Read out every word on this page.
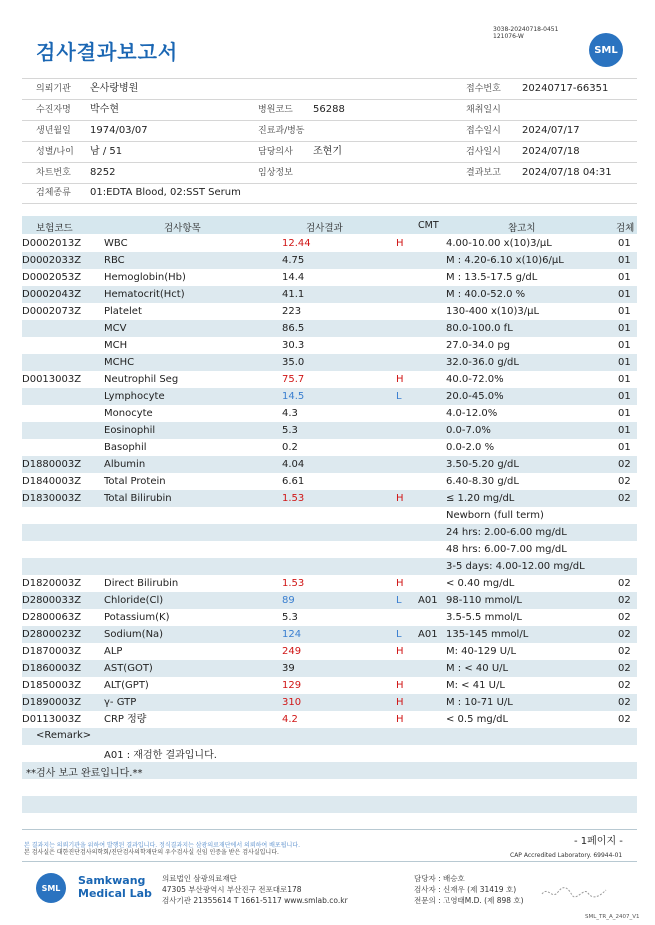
3038-20240718-0451
121076-W
검사결과보고서	SML
의뢰기관 온사랑병원	접수번호 20240717-66351
수진자명 박수현	병원코드 56288	채취일시
생년월일 1974/03/07	진료과/병동	접수일시 2024/07/17
성별/나이 남 / 51	담당의사 조현기	검사일시 2024/07/18
차트번호 8252	임상정보	결과보고 2024/07/18 04:31
검체종류 01:EDTA Blood, 02:SST Serum
보험코드	검사항목	검사결과	CMT	참고치	검체
D0002013Z WBC	12.44	H	4.00-10.00 x(10)3/μL	01
D0002033Z RBC	4.75	M : 4.20-6.10 x(10)6/μL	01
D0002053Z Hemoglobin(Hb)	14.4	M : 13.5-17.5 g/dL	01
D0002043Z Hematocrit(Hct)	41.1	M : 40.0-52.0 %	01
D0002073Z Platelet	223	130-400 x(10)3/μL	01
MCV	86.5	80.0-100.0 fL	01
MCH	30.3	27.0-34.0 pg	01
MCHC	35.0	32.0-36.0 g/dL	01
D0013003Z Neutrophil Seg	75.7	H	40.0-72.0%	01
Lymphocyte	14.5	L	20.0-45.0%	01
Monocyte	4.3	4.0-12.0%	01
Eosinophil	5.3	0.0-7.0%	01
Basophil	0.2	0.0-2.0 %	01
D1880003Z Albumin	4.04	3.50-5.20 g/dL	02
D1840003Z Total Protein	6.61	6.40-8.30 g/dL	02
D1830003Z Total Bilirubin	1.53	H	≤ 1.20 mg/dL	02
Newborn (full term)
24 hrs: 2.00-6.00 mg/dL
48 hrs: 6.00-7.00 mg/dL
3-5 days: 4.00-12.00 mg/dL
D1820003Z Direct Bilirubin	1.53	H	< 0.40 mg/dL	02
D2800033Z Chloride(Cl)	89	L A01 98-110 mmol/L	02
D2800063Z Potassium(K)	5.3	3.5-5.5 mmol/L	02
D2800023Z Sodium(Na)	124	L A01 135-145 mmol/L	02
D1870003Z ALP	249	H	M: 40-129 U/L	02
D1860003Z AST(GOT)	39	M : < 40 U/L	02
D1850003Z ALT(GPT)	129	H	M: < 41 U/L	02
D1890003Z γ- GTP	310	H	M : 10-71 U/L	02
D0113003Z CRP 정량	4.2	H	< 0.5 mg/dL	02
<Remark>
A01 : 재검한 결과입니다.
**검사 보고 완료입니다.**
- 1페이지 -
본 결과지는 의뢰기관을 위하여 발행된 결과입니다. 정식결과지는 삼광의료재단에서 의뢰하여 배포됩니다.
본 검사실은 대한진단검사의학회/진단검사의학재단의 우수검사실 신임 인증을 받은 검사실입니다.	CAP Accredited Laboratory. 69944-01
SML
Samkwang
Medical Lab
의료법인 삼광의료재단
47305 부산광역시 부산진구 전포대로178
검사기관 21355614 T 1661-5117 www.smlab.co.kr
담당자 : 배승호
검사자 : 신재우 (제 31419 호)
전문의 : 고영태M.D. (제 898 호)
SML_TR_A_2407_V1
